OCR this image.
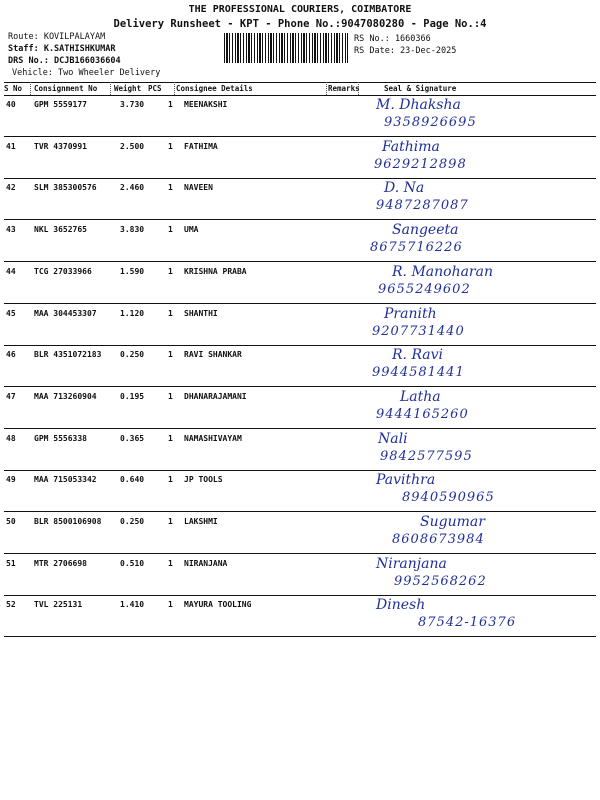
THE PROFESSIONAL COURIERS, COIMBATORE
Delivery Runsheet - KPT - Phone No.:9047080280 - Page No.:4
Route: KOVILPALAYAM
Staff: K.SATHISHKUMAR
DRS No.: DCJB166036604
Vehicle: Two Wheeler Delivery
RS No.: 1660366
RS Date: 23-Dec-2025
S No Consignment No Weight PCS Consignee Details	Remarks	Seal & Signature
40 GPM 5559177	3.730	1 MEENAKSHI	M. Dhaksha
9358926695
41 TVR 4370991	2.500	1 FATHIMA	Fathima
9629212898
42 SLM 385300576	2.460	1 NAVEEN	D. Na
9487287087
43 NKL 3652765	3.830	1 UMA	Sangeeta
8675716226
44 TCG 27033966	1.590	1 KRISHNA PRABA	R. Manoharan
9655249602
45 MAA 304453307	1.120	1 SHANTHI	Pranith
9207731440
46 BLR 4351072183 0.250	1 RAVI SHANKAR	R. Ravi
9944581441
47 MAA 713260904	0.195	1 DHANARAJAMANI	Latha
9444165260
48 GPM 5556338	0.365	1 NAMASHIVAYAM	Nali
9842577595
49 MAA 715053342	0.640	1 JP TOOLS	Pavithra
8940590965
50 BLR 8500106908 0.250	1 LAKSHMI	Sugumar
8608673984
51 MTR 2706698	0.510	1 NIRANJANA	Niranjana
9952568262
52 TVL 225131	1.410	1 MAYURA TOOLING	Dinesh
87542-16376
